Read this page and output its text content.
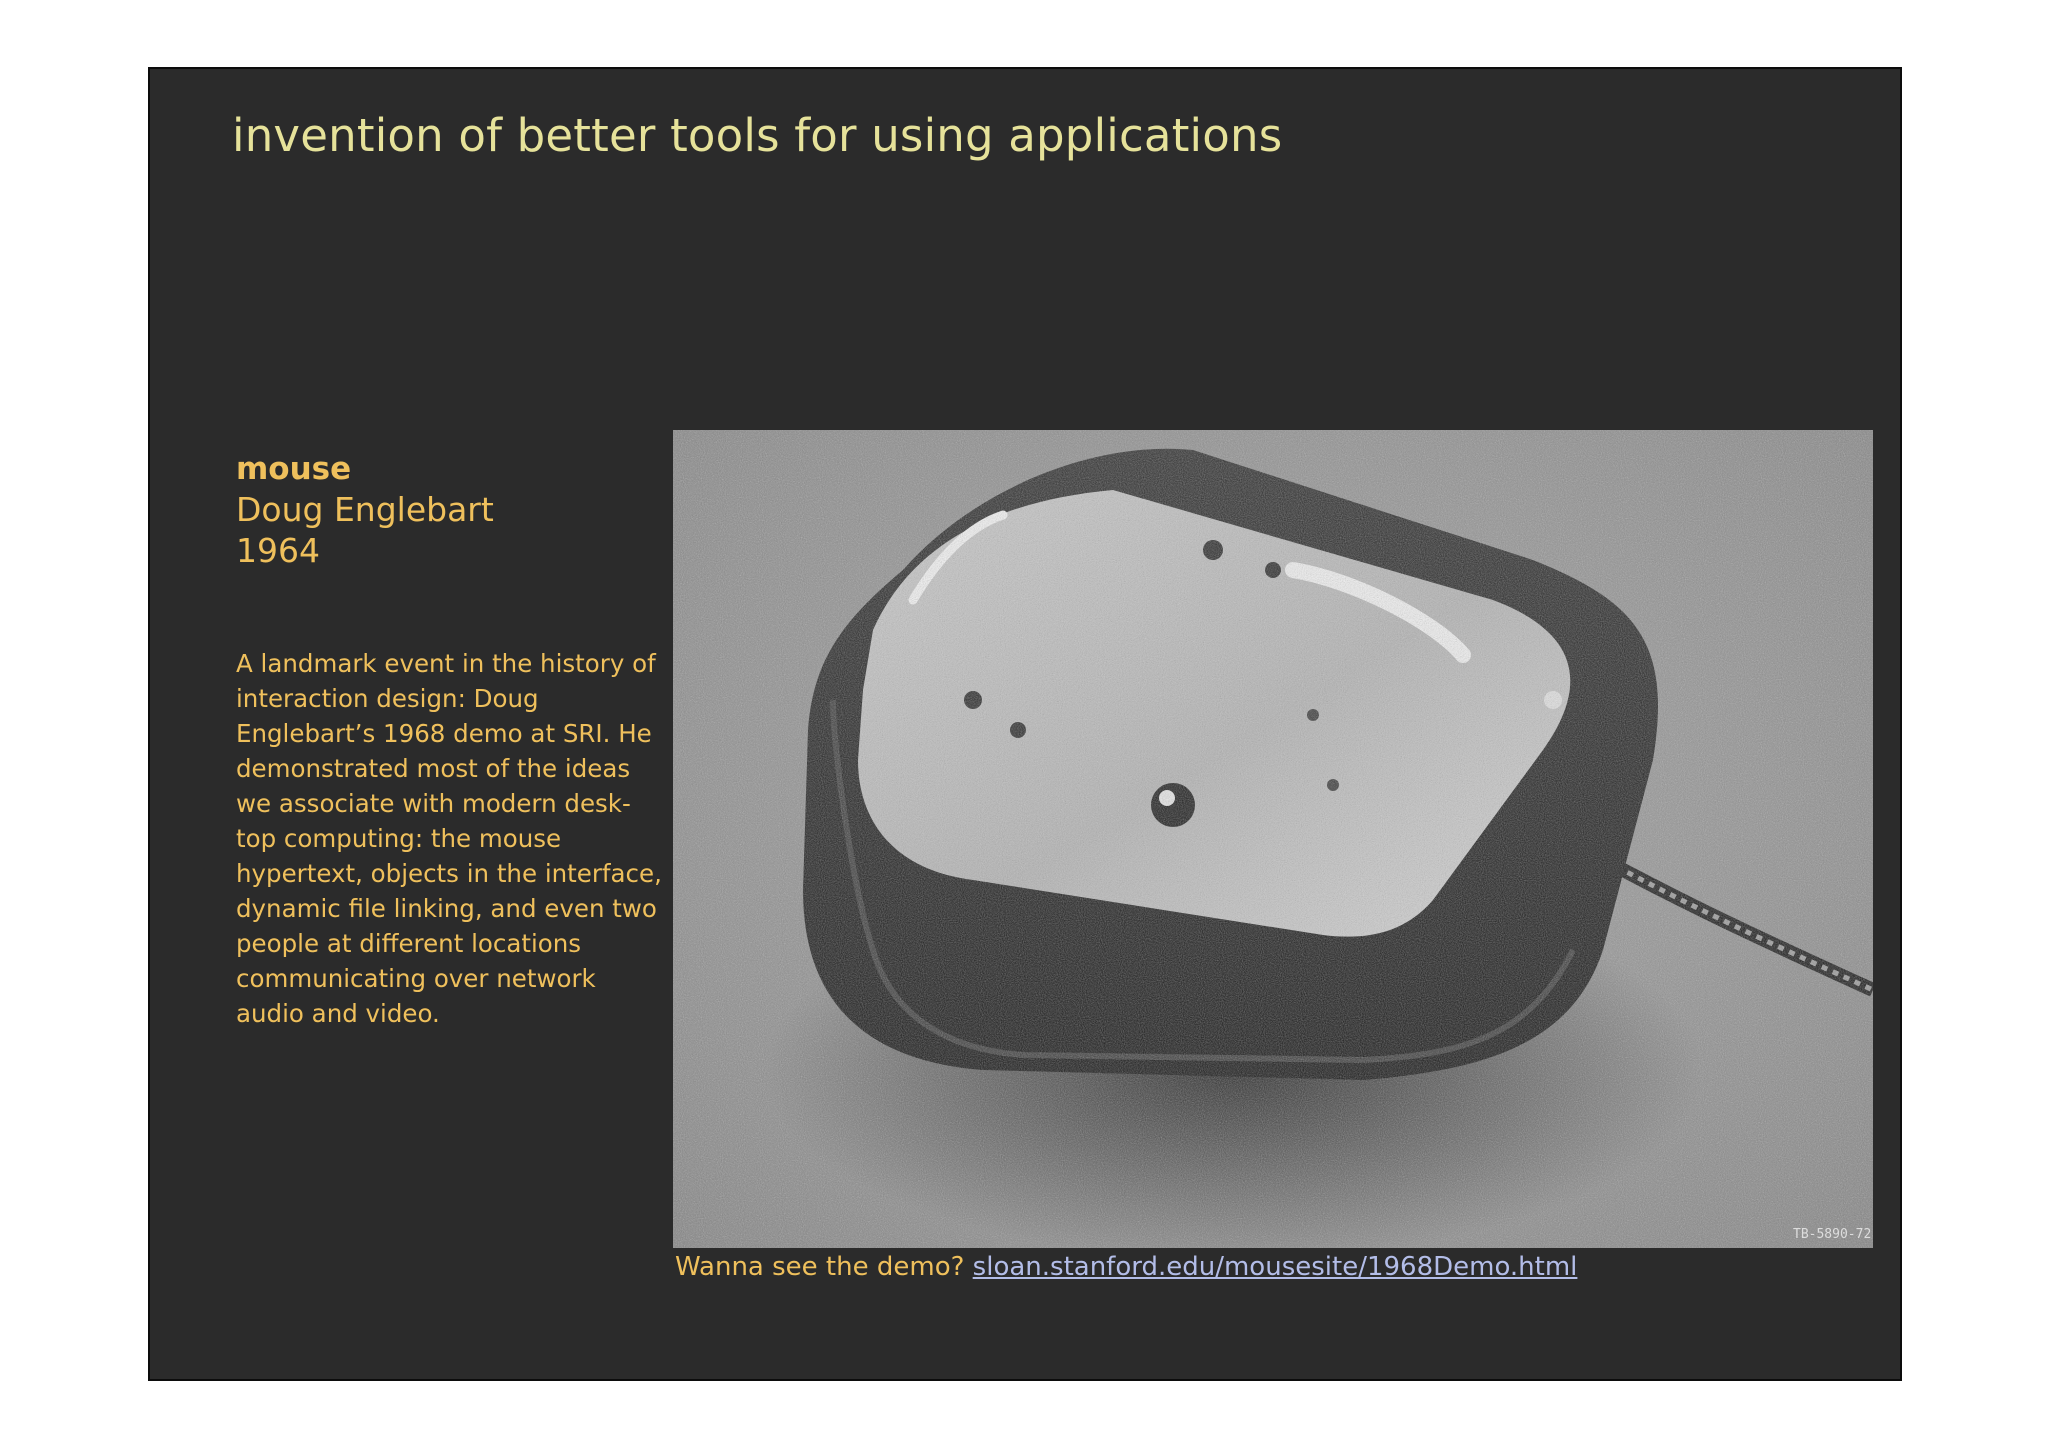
invention of better tools for using applications
mouse
Doug Englebart
1964

A landmark event in the history of interaction design: Doug Englebart’s 1968 demo at SRI. He demonstrated most of the ideas we associate with modern desk-top computing: the mouse hypertext, objects in the interface, dynamic file linking, and even two people at different locations communicating over network audio and video.

TB-5890-72
Wanna see the demo? sloan.stanford.edu/mousesite/1968Demo.html
